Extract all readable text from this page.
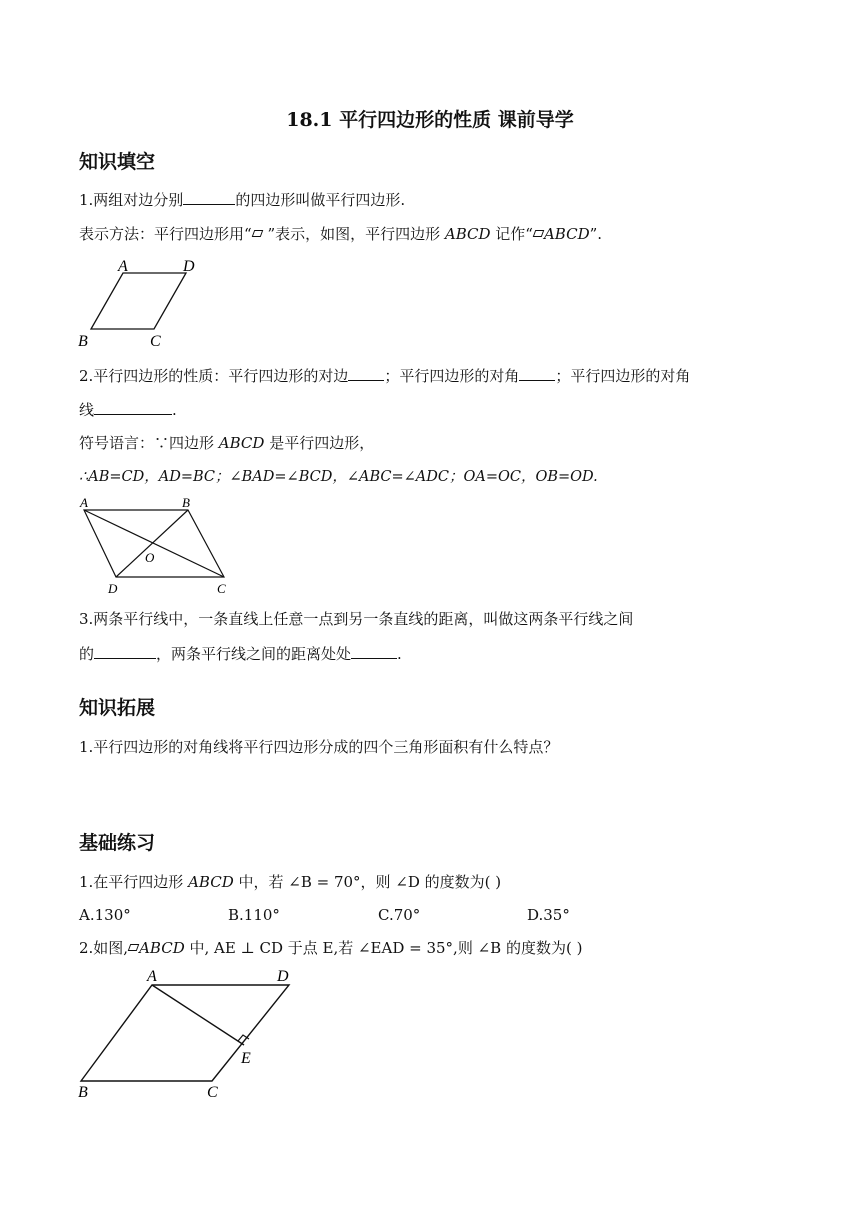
18.1 平行四边形的性质 课前导学
知识填空
1.两组对边分别	的四边形叫做平行四边形.
表示方法：平行四边形用“ ”表示，如图，平行四边形 ABCD 记作“ ABCD”.
A	D
B	C
2.平行四边形的性质：平行四边形的对边 ；平行四边形的对角 ；平行四边形的对角
线	.
符号语言：∵四边形 ABCD 是平行四边形，
∴AB=CD，AD=BC；∠BAD=∠BCD，∠ABC=∠ADC；OA=OC，OB=OD.
A	B
O
D	C
3.两条平行线中，一条直线上任意一点到另一条直线的距离，叫做这两条平行线之间
的	，两条平行线之间的距离处处	.
知识拓展
1.平行四边形的对角线将平行四边形分成的四个三角形面积有什么特点？
基础练习
1.在平行四边形 ABCD 中，若 ∠B = 70°，则 ∠D 的度数为( )
A.130°	B.110°	C.70°	D.35°
2.如图, ABCD 中, AE ⊥ CD 于点 E,若 ∠EAD = 35°,则 ∠B 的度数为( )
A	D
E
B	C
